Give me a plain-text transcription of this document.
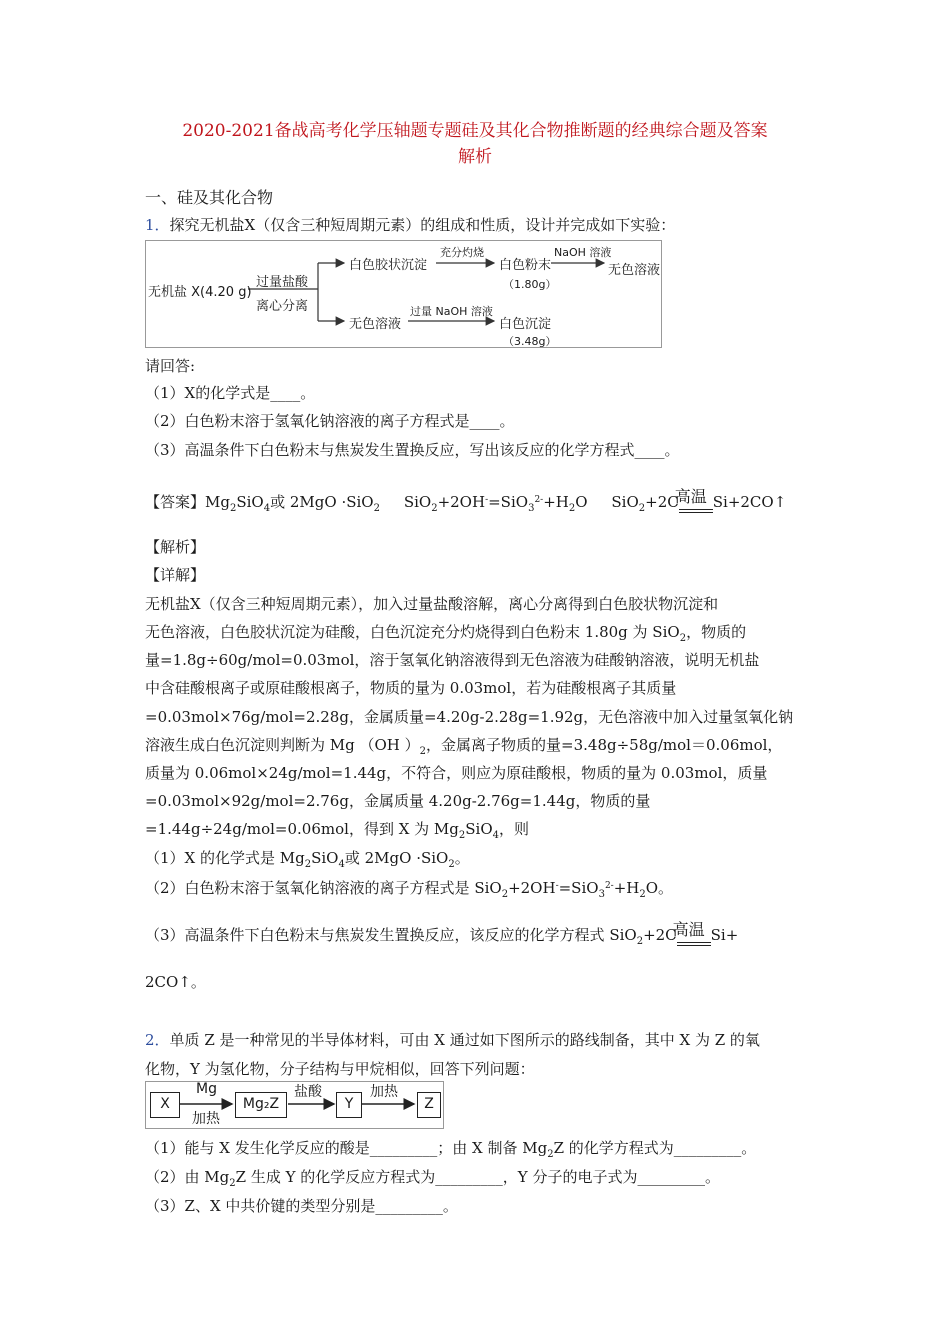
2020-2021备战高考化学压轴题专题硅及其化合物推断题的经典综合题及答案
解析
一、硅及其化合物
1．探究无机盐X（仅含三种短周期元素）的组成和性质，设计并完成如下实验：
无机盐 X(4.20 g)
过量盐酸
离心分离
白色胶状沉淀
充分灼烧
白色粉末
（1.80g）
NaOH 溶液
无色溶液
无色溶液
过量 NaOH 溶液
白色沉淀
（3.48g）
请回答:
（1）X的化学式是____。
（2）白色粉末溶于氢氧化钠溶液的离子方程式是____。
（3）高温条件下白色粉末与焦炭发生置换反应，写出该反应的化学方程式____。
【答案】$Mg_2SiO_4$或 2MgO ·SiO$_2$ $SiO_2+2OH^-=SiO_3^{2-}+H_2O$ SiO$_2$+2C
高温 Si+2CO↑
【解析】
【详解】
无机盐X（仅含三种短周期元素），加入过量盐酸溶解，离心分离得到白色胶状物沉淀和
无色溶液，白色胶状沉淀为硅酸，白色沉淀充分灼烧得到白色粉末 1.80g 为 SiO$_2$，物质的
量=1.8g÷60g/mol=0.03mol，溶于氢氧化钠溶液得到无色溶液为硅酸钠溶液，说明无机盐
中含硅酸根离子或原硅酸根离子，物质的量为 0.03mol，若为硅酸根离子其质量
=0.03mol×76g/mol=2.28g，金属质量=4.20g-2.28g=1.92g，无色溶液中加入过量氢氧化钠
溶液生成白色沉淀则判断为 Mg （OH ）$_2$，金属离子物质的量=3.48g÷58g/mol＝0.06mol，
质量为 0.06mol×24g/mol=1.44g，不符合，则应为原硅酸根，物质的量为 0.03mol，质量
=0.03mol×92g/mol=2.76g，金属质量 4.20g-2.76g=1.44g，物质的量
=1.44g÷24g/mol=0.06mol，得到 X 为 $Mg_2SiO_4$，则
（1）X 的化学式是 $Mg_2SiO_4$或 2MgO ·SiO$_2$。
（2）白色粉末溶于氢氧化钠溶液的离子方程式是 $SiO_2+2OH^-=SiO_3^{2-}+H_2O$。
（3）高温条件下白色粉末与焦炭发生置换反应，该反应的化学方程式 SiO$_2$+2C
高温 Si+
2CO↑。
2．单质 Z 是一种常见的半导体材料，可由 X 通过如下图所示的路线制备，其中 X 为 Z 的氧
化物，Y 为氢化物，分子结构与甲烷相似，回答下列问题：
X
Mg
加热
Mg₂Z
盐酸
Y
加热
Z
（1）能与 X 发生化学反应的酸是_________；由 X 制备 $Mg_2Z$ 的化学方程式为_________。
（2）由 $Mg_2Z$ 生成 Y 的化学反应方程式为_________，Y 分子的电子式为_________。
（3）Z、X 中共价键的类型分别是_________。
